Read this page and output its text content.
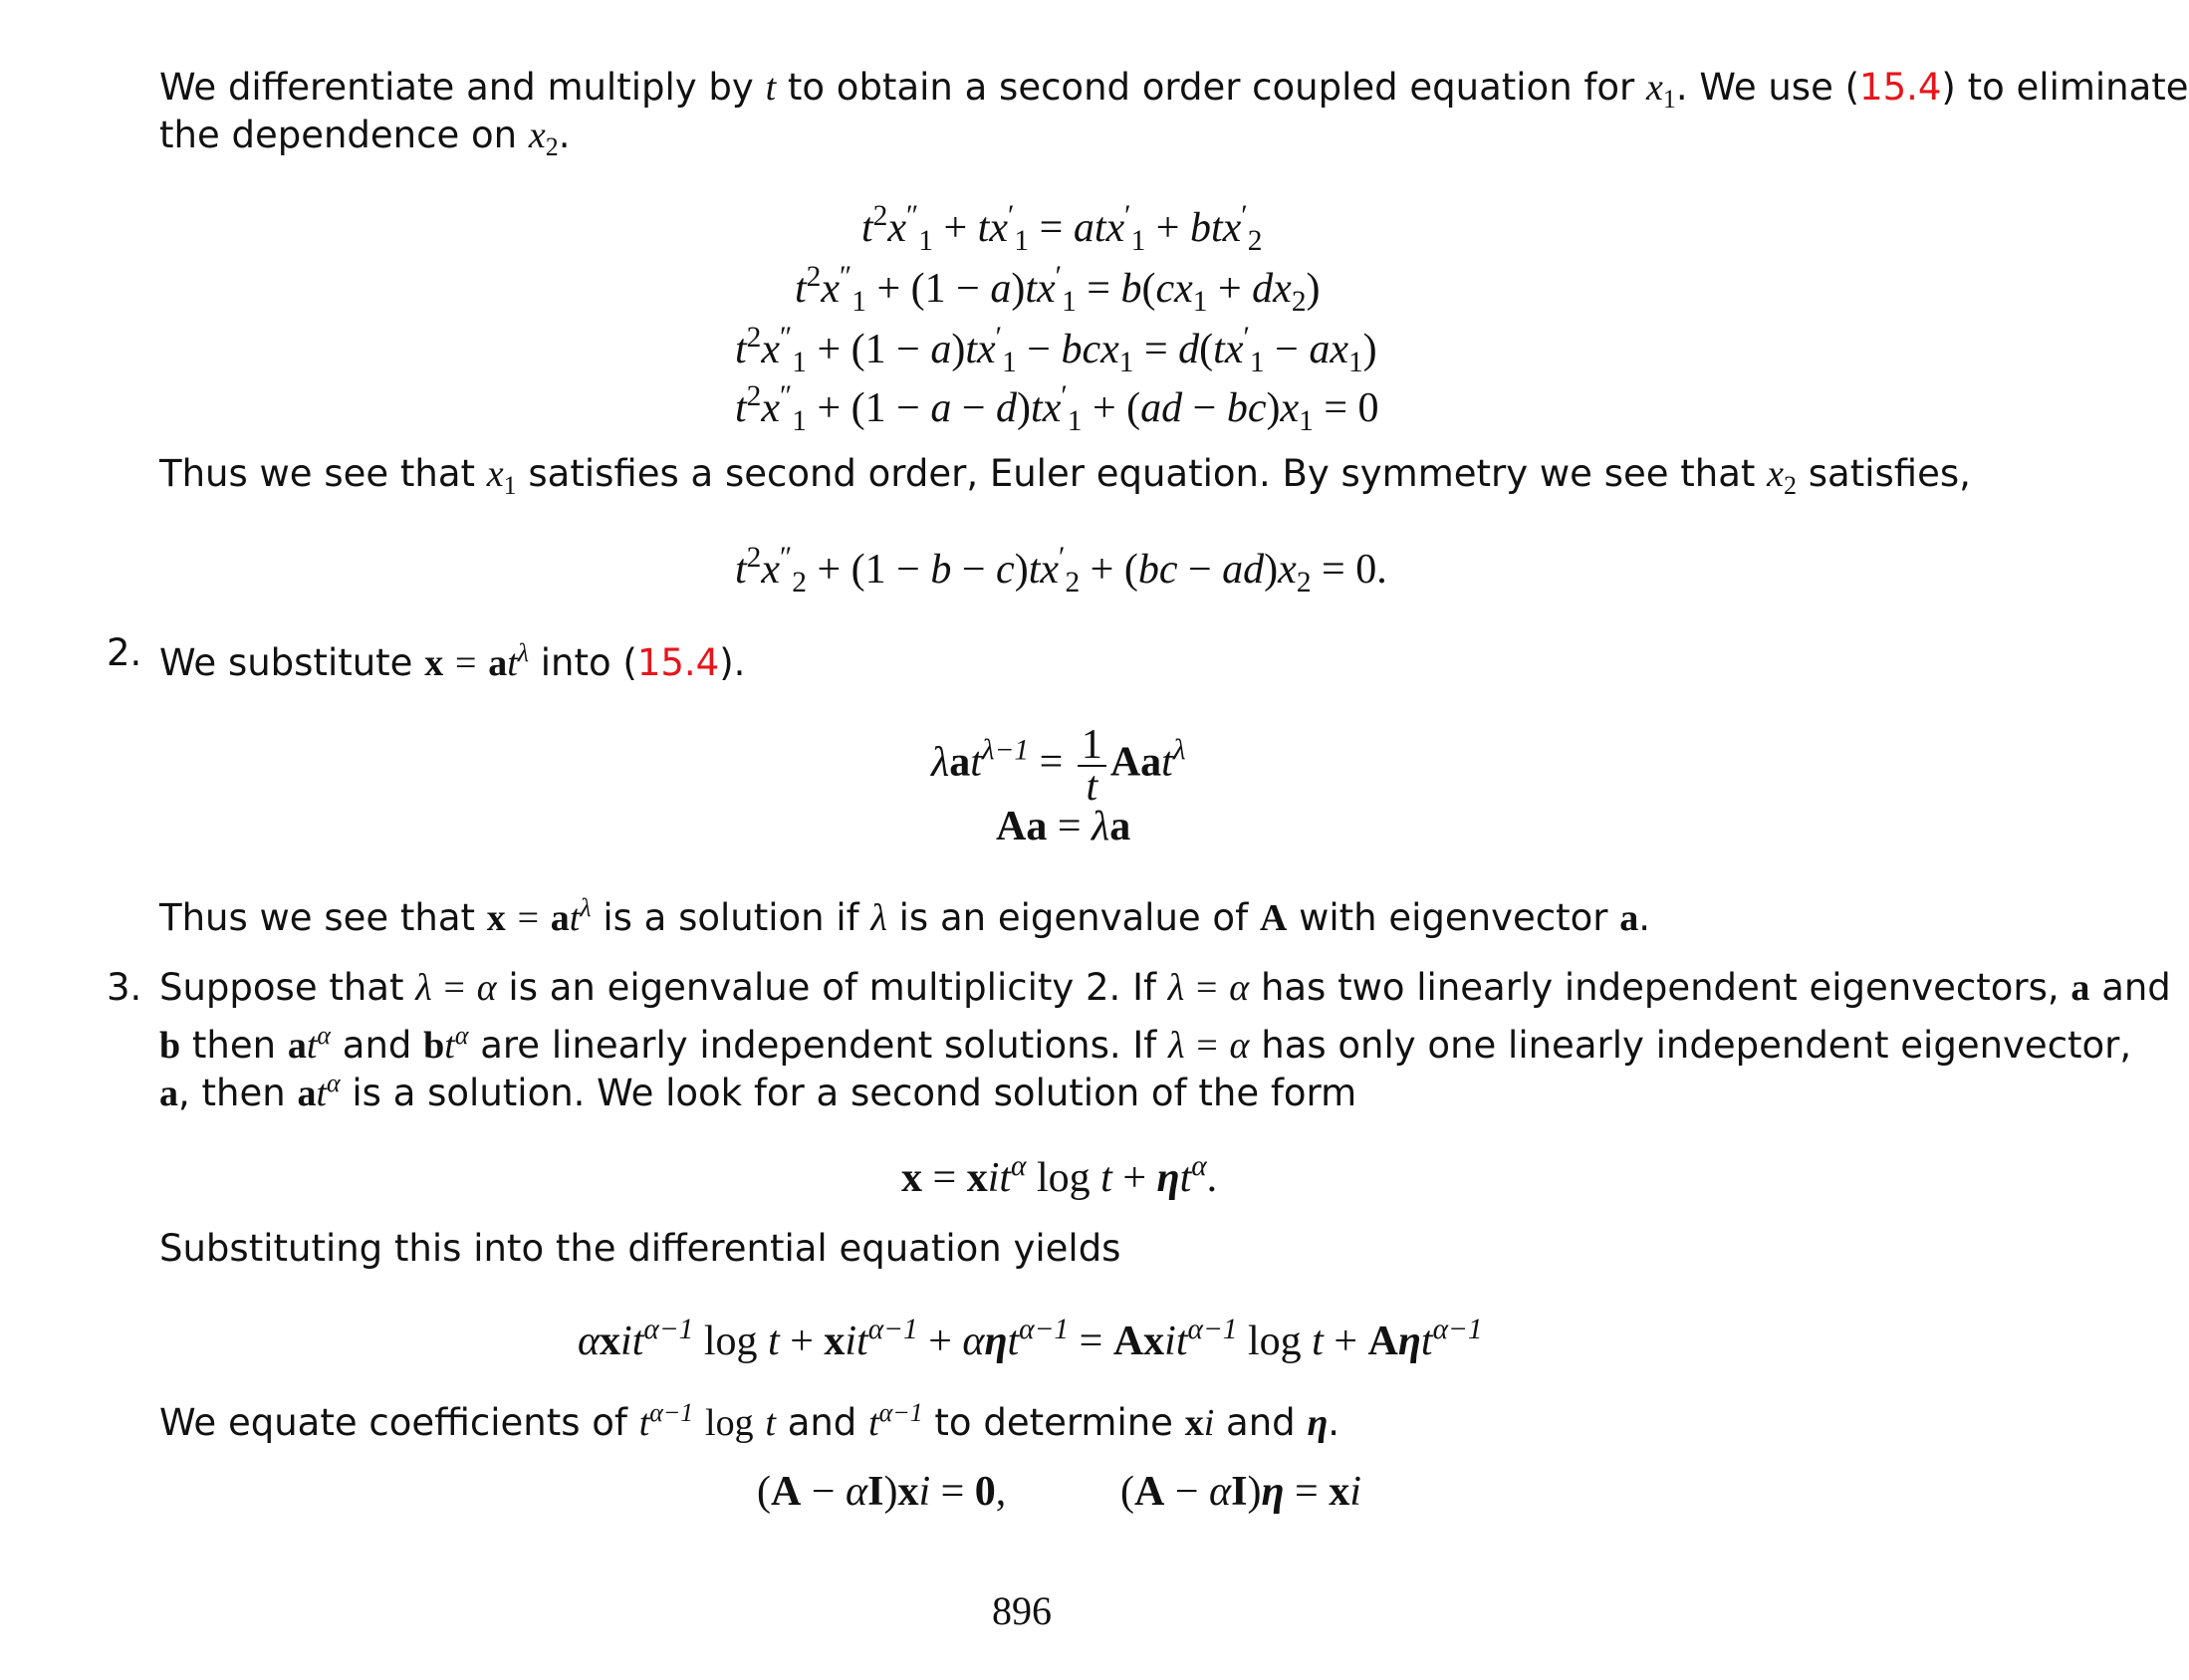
We differentiate and multiply by t to obtain a second order coupled equation for $x_1$. We use (15.4) to eliminate
the dependence on $x_2$.
$t^2x''_1 + tx'_1 = atx'_1 + btx'_2$
$t^2x''_1 + (1 - a)tx'_1 = b(cx_1 + dx_2)$
$t^2x''_1 + (1 - a)tx'_1 - bcx_1 = d(tx'_1 - ax_1)$
$t^2x''_1 + (1 - a - d)tx'_1 + (ad - bc)x_1 = 0$
Thus we see that $x_1$ satisfies a second order, Euler equation. By symmetry we see that $x_2$ satisfies,
$t^2x''_2 + (1 - b - c)tx'_2 + (bc - ad)x_2 = 0$.
2. We substitute $x = at^\lambda$ into (15.4).
$\lambda at^{\lambda-1} = \frac{1}{t} Aat^\lambda$
Aa = λa
Thus we see that $x = at^\lambda$ is a solution if λ is an eigenvalue of A with eigenvector a.
3. Suppose that λ = α is an eigenvalue of multiplicity 2. If λ = α has two linearly independent eigenvectors, a and
b then $at^\alpha$ and $bt^\alpha$ are linearly independent solutions. If λ = α has only one linearly independent eigenvector,
a, then $at^\alpha$ is a solution. We look for a second solution of the form
x = xit$^\alpha$ $\log t + \eta t^\alpha$.
Substituting this into the differential equation yields
αxit$^{\alpha-1}$ log t + xit$^{\alpha-1}$ + αηt$^{\alpha-1}$ = Axit$^{\alpha-1}$ log t + Aηt$^{\alpha-1}$
We equate coefficients of $t^{\alpha-1}$ log t and $t^{\alpha-1}$ to determine xi and η.
(A − αI)xi = 0,	(A − αI)η = xi
896
